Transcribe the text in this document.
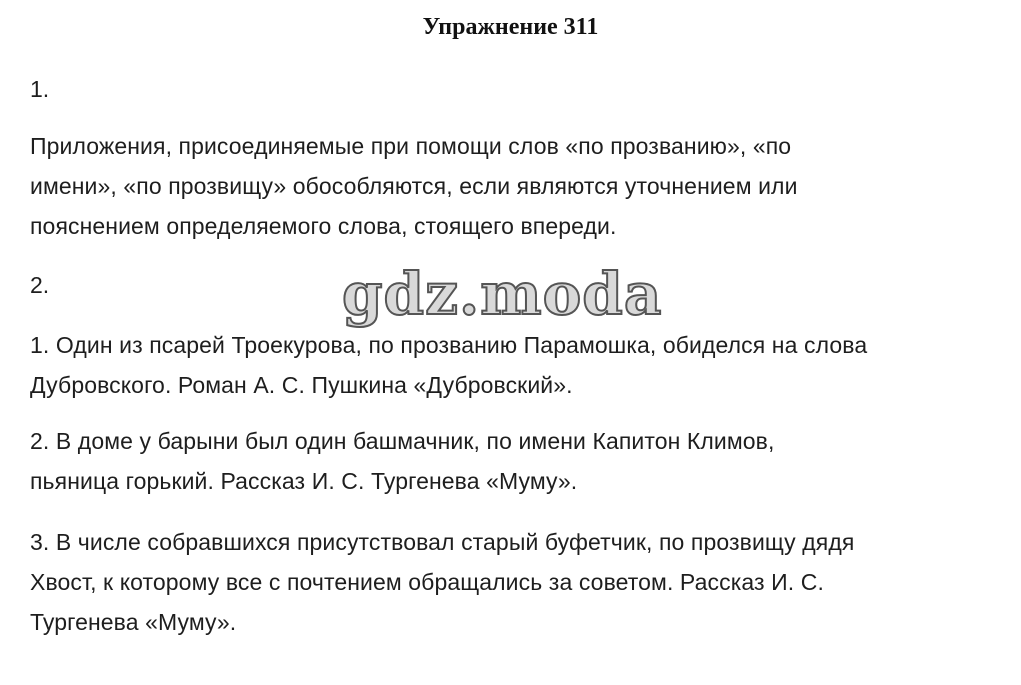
Упражнение 311
1.
Приложения, присоединяемые при помощи слов «по прозванию», «по
имени», «по прозвищу» обособляются, если являются уточнением или
пояснением определяемого слова, стоящего впереди.
2.
1. Один из псарей Троекурова, по прозванию Парамошка, обиделся на слова
Дубровского. Роман А. С. Пушкина «Дубровский».
2. В доме у барыни был один башмачник, по имени Капитон Климов,
пьяница горький. Рассказ И. С. Тургенева «Муму».
3. В числе собравшихся присутствовал старый буфетчик, по прозвищу дядя
Хвост, к которому все с почтением обращались за советом. Рассказ И. С.
Тургенева «Муму».
gdz.moda
